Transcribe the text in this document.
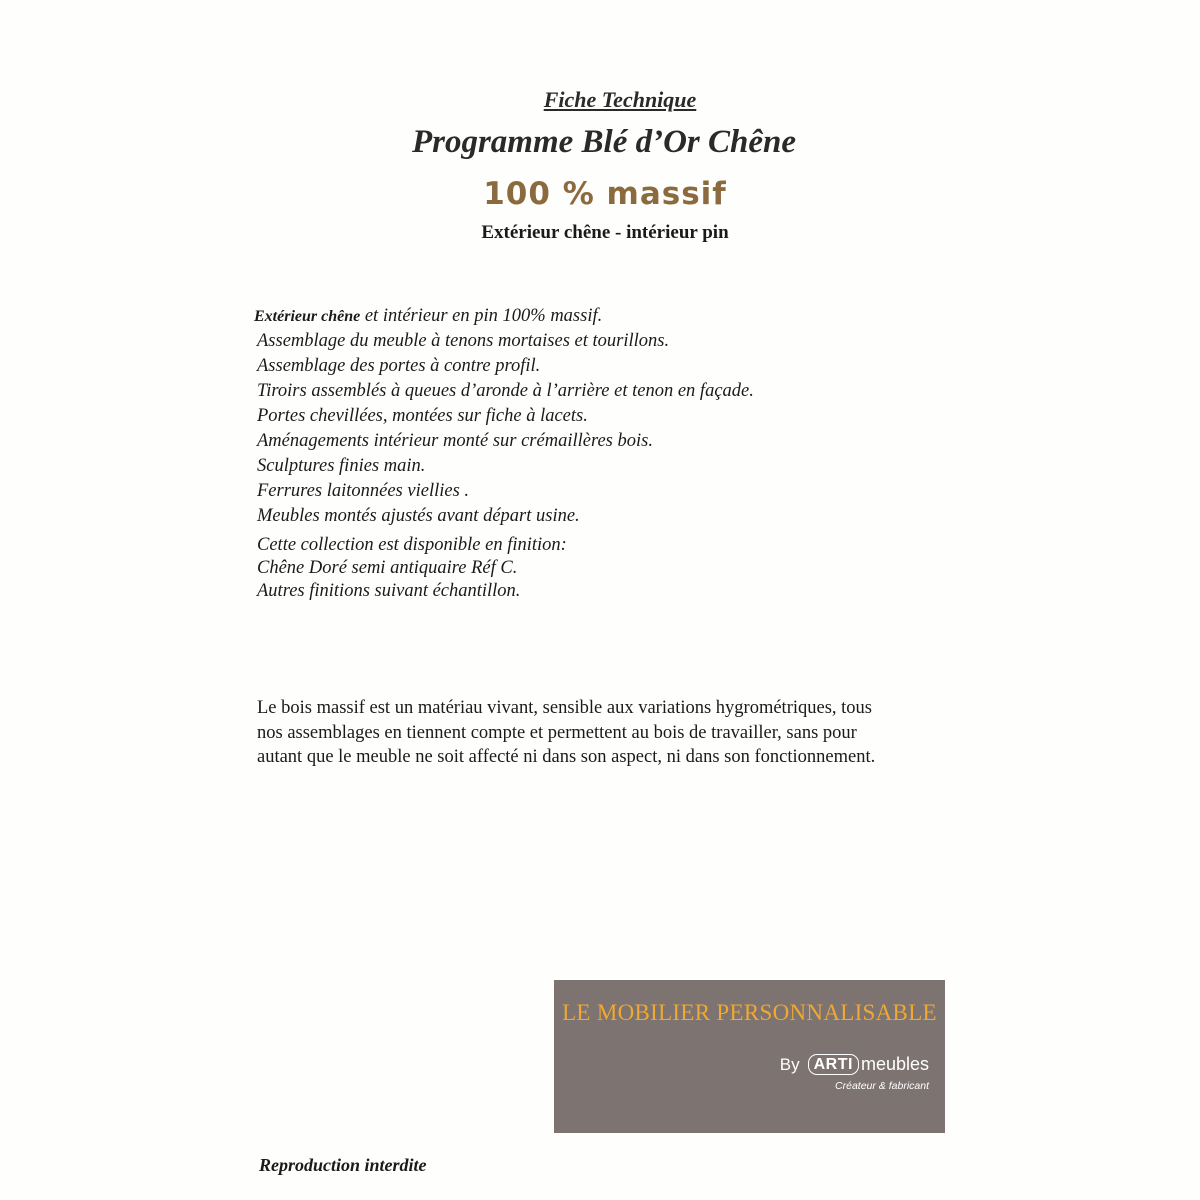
Fiche Technique
Programme Blé d’Or Chêne
100 % massif
Extérieur chêne - intérieur pin
Extérieur chêne et intérieur en pin 100% massif.
Assemblage du meuble à tenons mortaises et tourillons.
Assemblage des portes à contre profil.
Tiroirs assemblés à queues d’aronde à l’arrière et tenon en façade.
Portes chevillées, montées sur fiche à lacets.
Aménagements intérieur monté sur crémaillères bois.
Sculptures finies main.
Ferrures laitonnées viellies .
Meubles montés ajustés avant départ usine.
Cette collection est disponible en finition:
Chêne Doré semi antiquaire Réf C.
Autres finitions suivant échantillon.
Le bois massif est un matériau vivant, sensible aux variations hygrométriques, tous
nos assemblages en tiennent compte et permettent au bois de travailler, sans pour
autant que le meuble ne soit affecté ni dans son aspect, ni dans son fonctionnement.
LE MOBILIER PERSONNALISABLE
By ARTI meubles
Créateur & fabricant
Reproduction interdite
